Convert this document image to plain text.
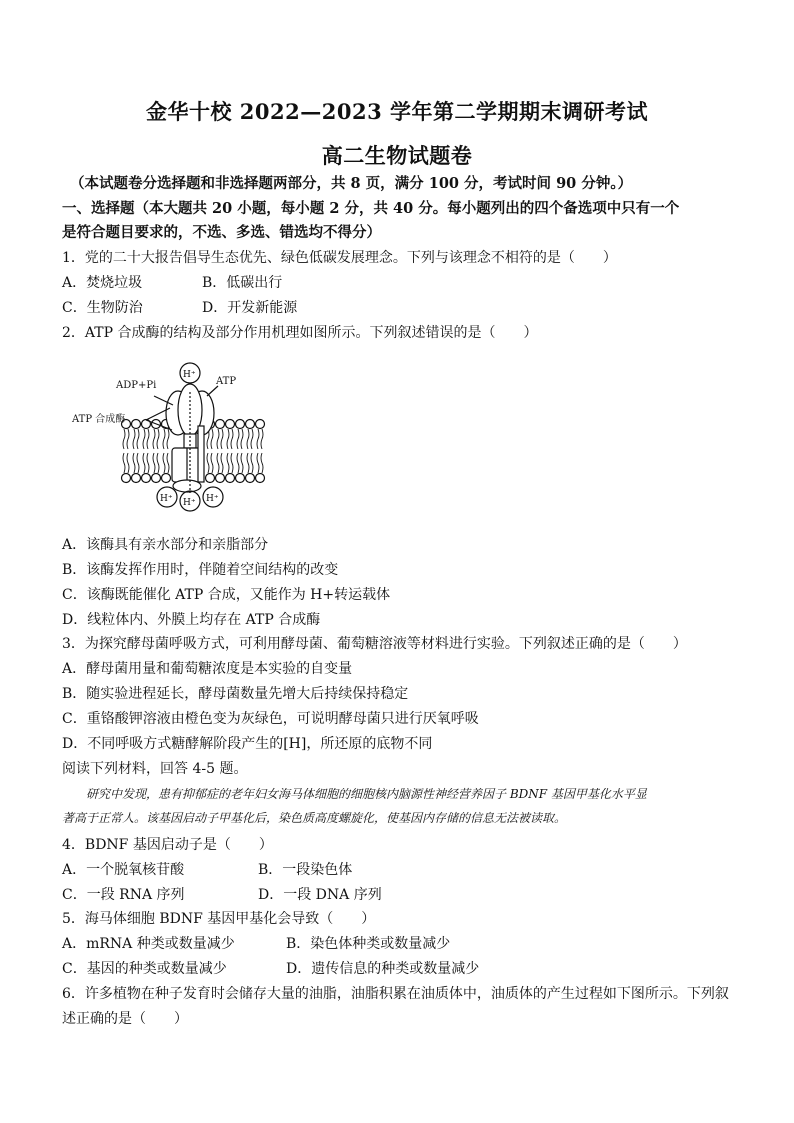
金华十校 2022—2023 学年第二学期期末调研考试
高二生物试题卷
（本试题卷分选择题和非选择题两部分，共 8 页，满分 100 分，考试时间 90 分钟。）
一、选择题（本大题共 20 小题，每小题 2 分，共 40 分。每小题列出的四个备选项中只有一个
是符合题目要求的，不选、多选、错选均不得分）
1．党的二十大报告倡导生态优先、绿色低碳发展理念。下列与该理念不相符的是（　　）
A．焚烧垃圾	B．低碳出行
C．生物防治	D．开发新能源
2．ATP 合成酶的结构及部分作用机理如图所示。下列叙述错误的是（　　）
ADP+Pi	ATP
ATP 合成酶
H⁺
H⁺ H⁺ H⁺
A．该酶具有亲水部分和亲脂部分
B．该酶发挥作用时，伴随着空间结构的改变
C．该酶既能催化 ATP 合成，又能作为 H+转运载体
D．线粒体内、外膜上均存在 ATP 合成酶
3．为探究酵母菌呼吸方式，可利用酵母菌、葡萄糖溶液等材料进行实验。下列叙述正确的是（　　）
A．酵母菌用量和葡萄糖浓度是本实验的自变量
B．随实验进程延长，酵母菌数量先增大后持续保持稳定
C．重铬酸钾溶液由橙色变为灰绿色，可说明酵母菌只进行厌氧呼吸
D．不同呼吸方式糖酵解阶段产生的[H]，所还原的底物不同
阅读下列材料，回答 4-5 题。
研究中发现，患有抑郁症的老年妇女海马体细胞的细胞核内脑源性神经营养因子 BDNF 基因甲基化水平显
著高于正常人。该基因启动子甲基化后，染色质高度螺旋化，使基因内存储的信息无法被读取。
4．BDNF 基因启动子是（　　）
A．一个脱氧核苷酸	B．一段染色体
C．一段 RNA 序列	D．一段 DNA 序列
5．海马体细胞 BDNF 基因甲基化会导致（　　）
A．mRNA 种类或数量减少	B．染色体种类或数量减少
C．基因的种类或数量减少	D．遗传信息的种类或数量减少
6．许多植物在种子发育时会储存大量的油脂，油脂积累在油质体中，油质体的产生过程如下图所示。下列叙
述正确的是（　　）
